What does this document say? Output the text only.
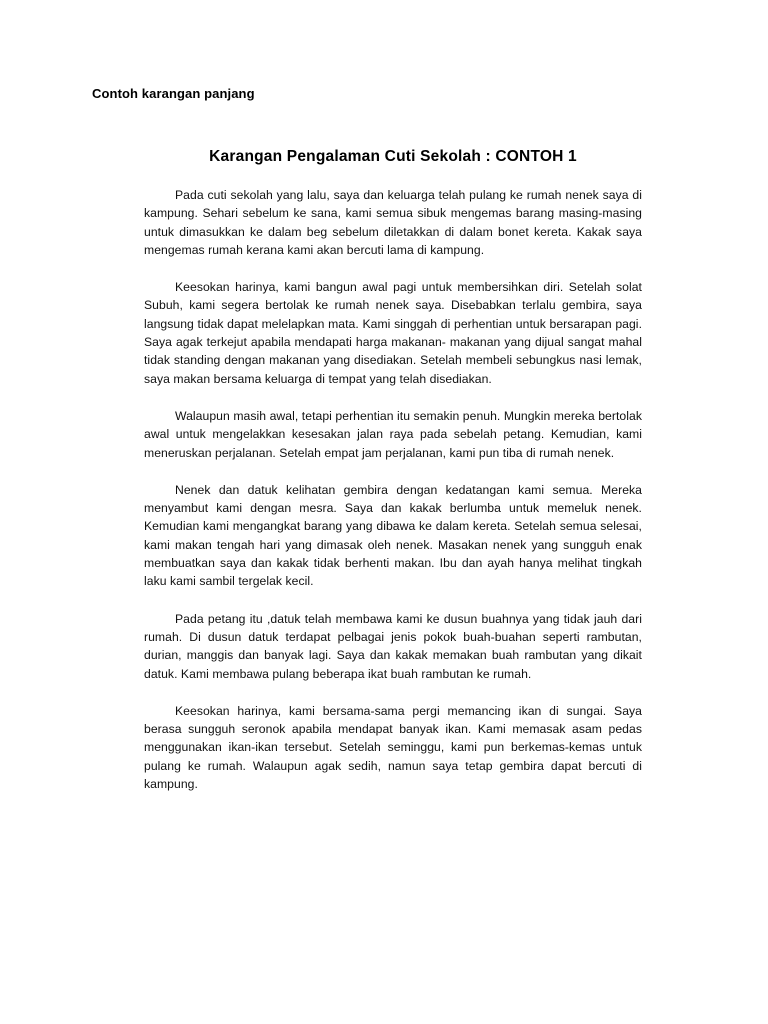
Contoh karangan panjang
Karangan Pengalaman Cuti Sekolah : CONTOH 1

Pada cuti sekolah yang lalu, saya dan keluarga telah pulang ke rumah nenek saya di kampung. Sehari sebelum ke sana, kami semua sibuk mengemas barang masing-masing untuk dimasukkan ke dalam beg sebelum diletakkan di dalam bonet kereta. Kakak saya mengemas rumah kerana kami akan bercuti lama di kampung.

Keesokan harinya, kami bangun awal pagi untuk membersihkan diri. Setelah solat Subuh, kami segera bertolak ke rumah nenek saya. Disebabkan terlalu gembira, saya langsung tidak dapat melelapkan mata. Kami singgah di perhentian untuk bersarapan pagi. Saya agak terkejut apabila mendapati harga makanan- makanan yang dijual sangat mahal tidak standing dengan makanan yang disediakan. Setelah membeli sebungkus nasi lemak, saya makan bersama keluarga di tempat yang telah disediakan.

Walaupun masih awal, tetapi perhentian itu semakin penuh. Mungkin mereka bertolak awal untuk mengelakkan kesesakan jalan raya pada sebelah petang. Kemudian, kami meneruskan perjalanan. Setelah empat jam perjalanan, kami pun tiba di rumah nenek.

Nenek dan datuk kelihatan gembira dengan kedatangan kami semua. Mereka menyambut kami dengan mesra. Saya dan kakak berlumba untuk memeluk nenek. Kemudian kami mengangkat barang yang dibawa ke dalam kereta. Setelah semua selesai, kami makan tengah hari yang dimasak oleh nenek. Masakan nenek yang sungguh enak membuatkan saya dan kakak tidak berhenti makan. Ibu dan ayah hanya melihat tingkah laku kami sambil tergelak kecil.

Pada petang itu ,datuk telah membawa kami ke dusun buahnya yang tidak jauh dari rumah. Di dusun datuk terdapat pelbagai jenis pokok buah-buahan seperti rambutan, durian, manggis dan banyak lagi. Saya dan kakak memakan buah rambutan yang dikait datuk. Kami membawa pulang beberapa ikat buah rambutan ke rumah.

Keesokan harinya, kami bersama-sama pergi memancing ikan di sungai. Saya berasa sungguh seronok apabila mendapat banyak ikan. Kami memasak asam pedas menggunakan ikan-ikan tersebut. Setelah seminggu, kami pun berkemas-kemas untuk pulang ke rumah. Walaupun agak sedih, namun saya tetap gembira dapat bercuti di kampung.
